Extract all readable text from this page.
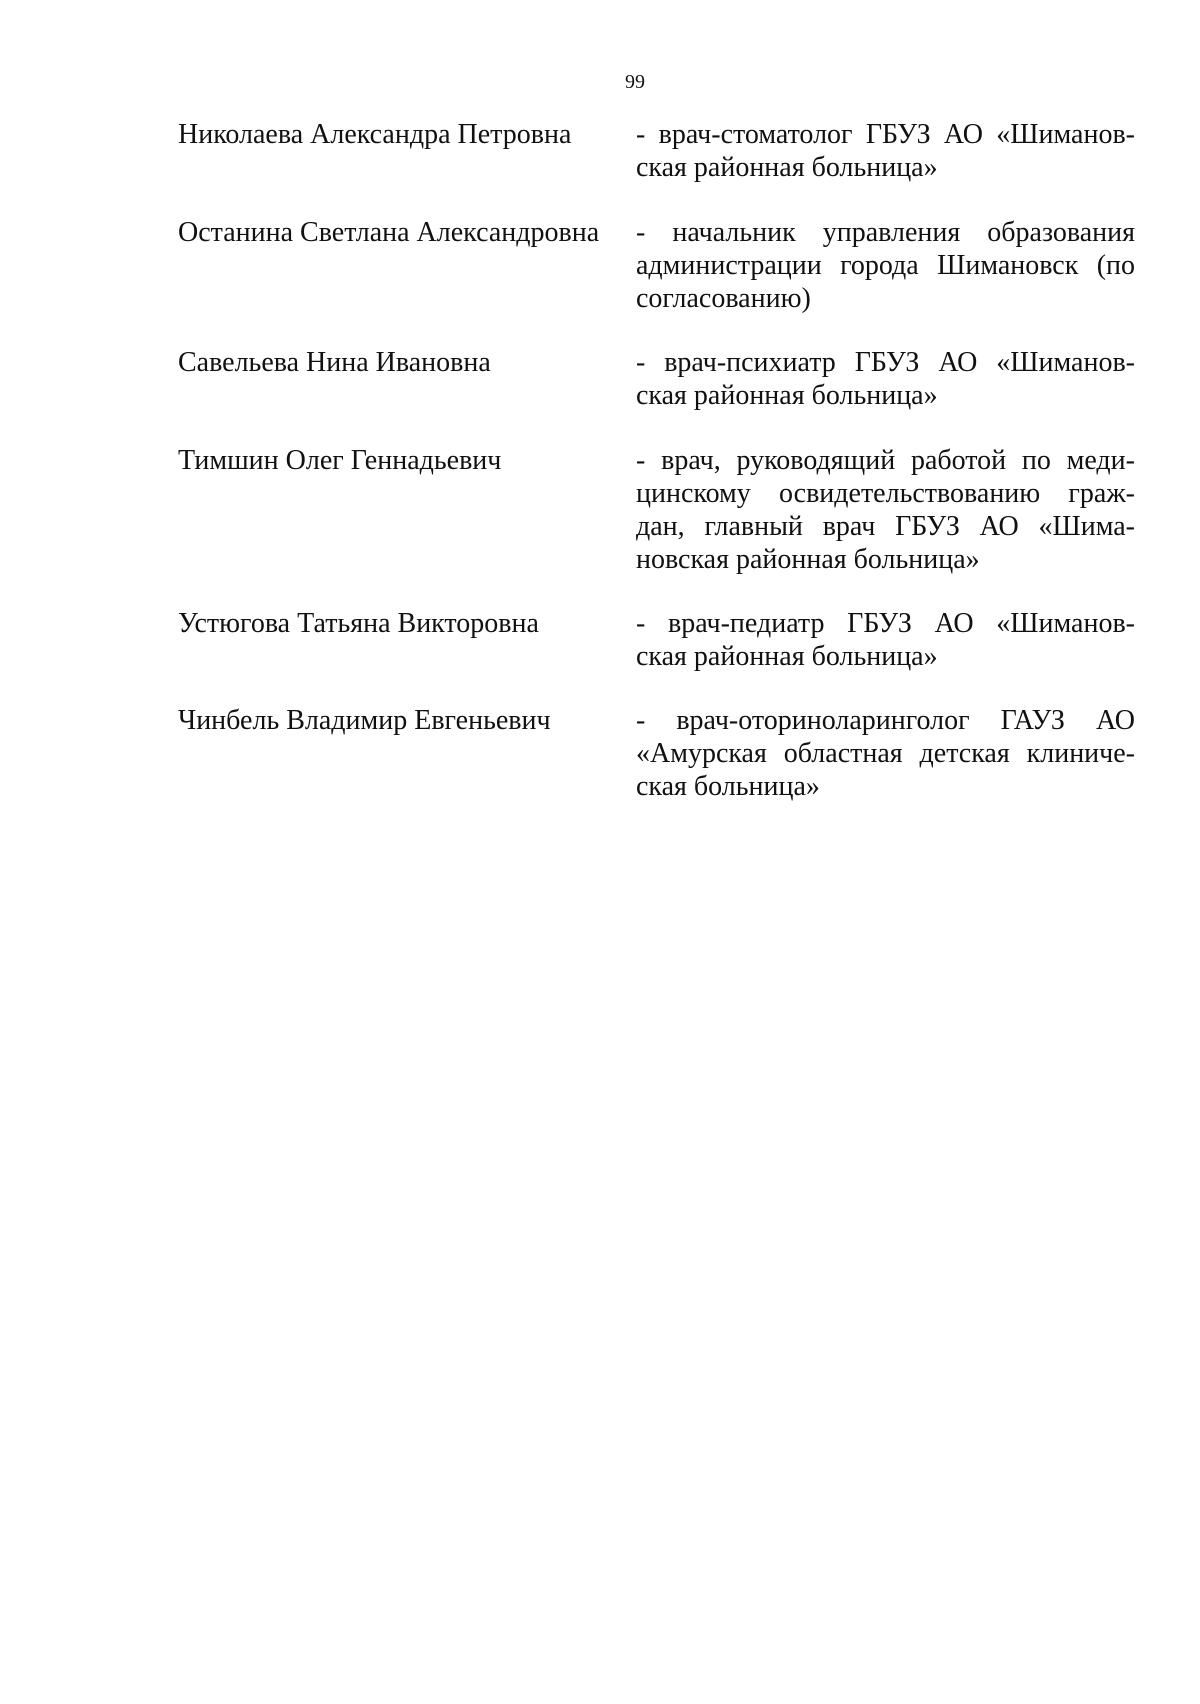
99
Николаева Александра Петровна	- врач-стоматолог ГБУЗ АО «Шиманов-
ская районная больница»
Останина Светлана Александровна	- начальник управления образования
администрации города Шимановск (по
согласованию)
Савельева Нина Ивановна	- врач-психиатр ГБУЗ АО «Шиманов-
ская районная больница»
Тимшин Олег Геннадьевич	- врач, руководящий работой по меди-
цинскому освидетельствованию граж-
дан, главный врач ГБУЗ АО «Шима-
новская районная больница»
Устюгова Татьяна Викторовна	- врач-педиатр ГБУЗ АО «Шиманов-
ская районная больница»
Чинбель Владимир Евгеньевич	- врач-оториноларинголог ГАУЗ АО
«Амурская областная детская клиниче-
ская больница»
